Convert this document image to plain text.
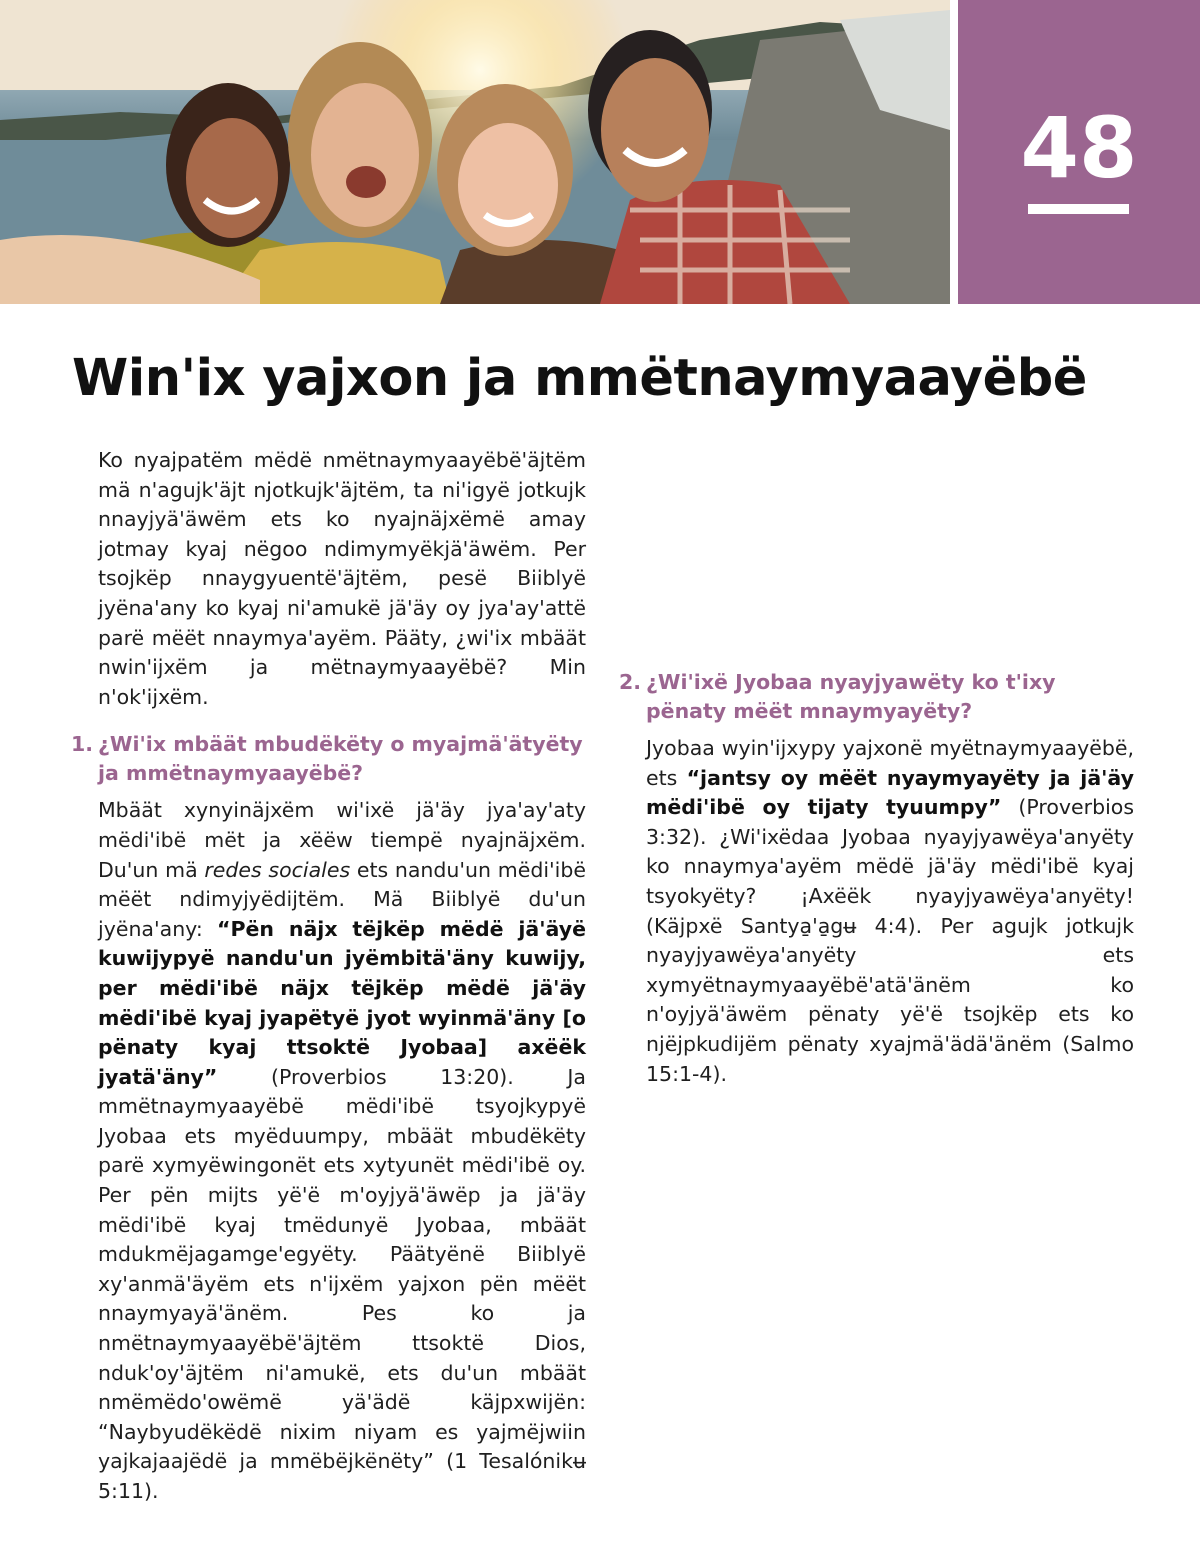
48
Win'ix yajxon ja mmëtnaymyaayëbë

Ko nyajpatëm mëdë nmëtnaymyaayëbë'äjtëm mä n'agujk'äjt njotkujk'äjtëm, ta ni'igyë jotkujk nnayjyä'äwëm ets ko nyajnäjxëmë amay jotmay kyaj nëgoo ndimymyëkjä'äwëm. Per tsojkëp nnaygyuentë'äjtëm, pesë Biiblyë jyëna'any ko kyaj ni'amukë jä'äy oy jya'ay'attë parë mëët nnaymya'ayëm. Pääty, ¿wi'ix mbäät nwin'ijxëm ja mëtnaymyaayëbë? Min n'ok'ijxëm.

1. ¿Wi'ix mbäät mbudëkëty o myajmä'ätyëty ja mmëtnaymyaayëbë?

Mbäät xynyinäjxëm wi'ixë jä'äy jya'ay'aty mëdi'ibë mët ja xëëw tiempë nyajnäjxëm. Du'un mä redes sociales ets nandu'un mëdi'ibë mëët ndimyjyëdijtëm. Mä Biiblyë du'un jyëna'any: “Pën näjx tëjkëp mëdë jä'äyë kuwijypyë nandu'un jyëmbitä'äny kuwijy, per mëdi'ibë näjx tëjkëp mëdë jä'äy mëdi'ibë kyaj jyapëtyë jyot wyinmä'äny [o pënaty kyaj ttsoktë Jyobaa] axëëk jyatä'äny” (Proverbios 13:20). Ja mmëtnaymyaayëbë mëdi'ibë tsyojkypyë Jyobaa ets myëduumpy, mbäät mbudëkëty parë xymyëwingonët ets xytyunët mëdi'ibë oy. Per pën mijts yë'ë m'oyjyä'äwëp ja jä'äy mëdi'ibë kyaj tmëdunyë Jyobaa, mbäät mdukmëjagamge'egyëty. Päätyënë Biiblyë xy'anmä'äyëm ets n'ijxëm yajxon pën mëët nnaymyayä'änëm. Pes ko ja nmëtnaymyaayëbë'äjtëm ttsoktë Dios, nduk'oy'äjtëm ni'amukë, ets du'un mbäät nmëmëdo'owëmë yä'ädë käjpxwijën: “Naybyudëkëdë nixim niyam es yajmëjwiin yajkajaajëdë ja mmëbëjkënëty” (1 Tesalónikʉ 5:11).

2. ¿Wi'ixë Jyobaa nyayjyawëty ko t'ixy pënaty mëët mnaymyayëty?

Jyobaa wyin'ijxypy yajxonë myëtnaymyaayëbë, ets “jantsy oy mëët nyaymyayëty ja jä'äy mëdi'ibë oy tijaty tyuumpy” (Proverbios 3:32). ¿Wi'ixëdaa Jyobaa nyayjyawëya'anyëty ko nnaymya'ayëm mëdë jä'äy mëdi'ibë kyaj tsyokyëty? ¡Axëëk nyayjyawëya'anyëty! (Käjpxë Santya̱'a̱gʉ 4:4). Per agujk jotkujk nyayjyawëya'anyëty ets xymyëtnaymyaayëbë'atä'änëm ko n'oyjyä'äwëm pënaty yë'ë tsojkëp ets ko njëjpkudijëm pënaty xyajmä'ädä'änëm (Salmo 15:1-4).
